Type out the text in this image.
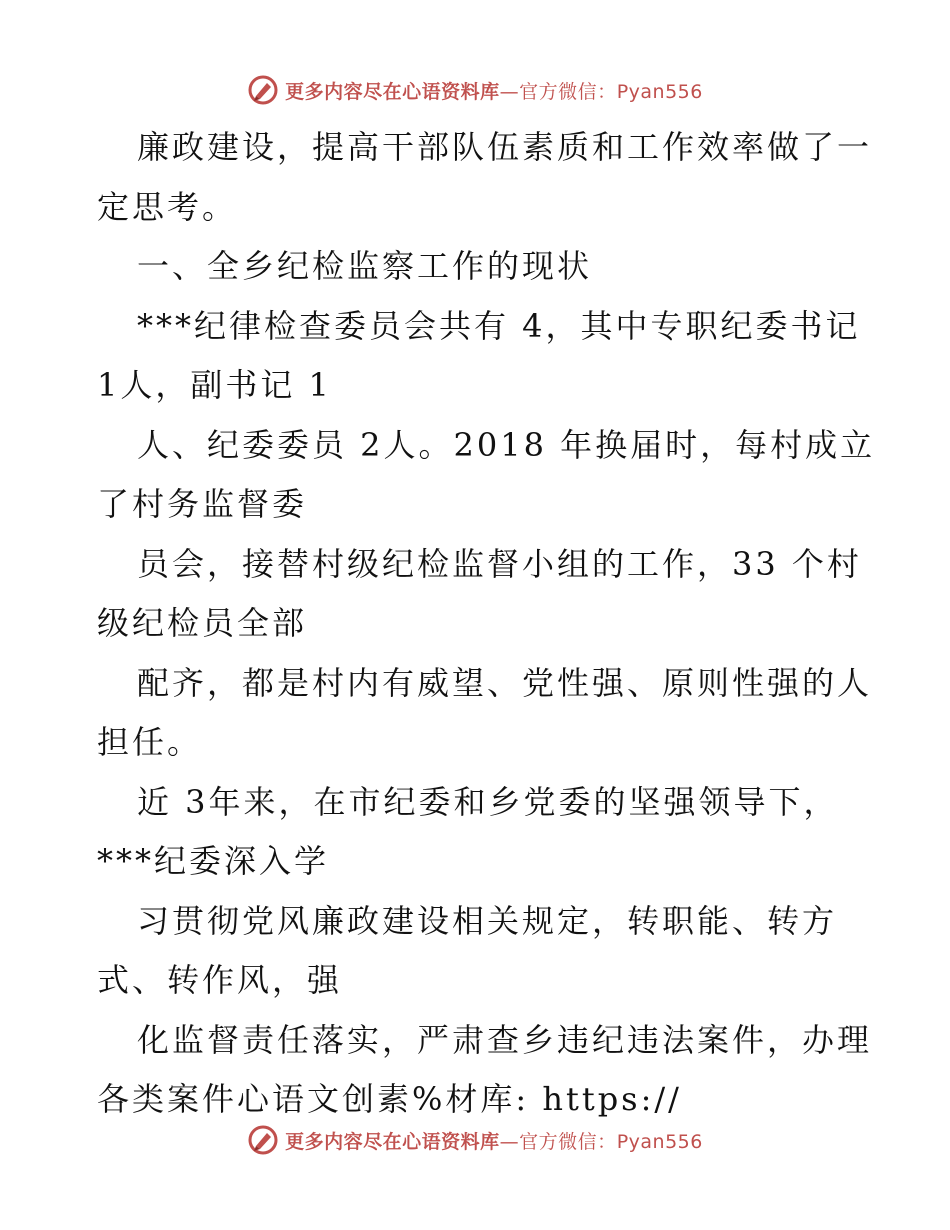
更多内容尽在心语资料库—官方微信：Pyan556
廉政建设，提高干部队伍素质和工作效率做了一
定思考。
一、全乡纪检监察工作的现状
***纪律检查委员会共有 4，其中专职纪委书记
1人，副书记 1
人、纪委委员 2人。2018 年换届时，每村成立
了村务监督委
员会，接替村级纪检监督小组的工作，33 个村
级纪检员全部
配齐，都是村内有威望、党性强、原则性强的人
担任。
近 3年来，在市纪委和乡党委的坚强领导下，
***纪委深入学
习贯彻党风廉政建设相关规定，转职能、转方
式、转作风，强
化监督责任落实，严肃查乡违纪违法案件，办理
各类案件心语文创素%材库: https://
更多内容尽在心语资料库—官方微信：Pyan556
